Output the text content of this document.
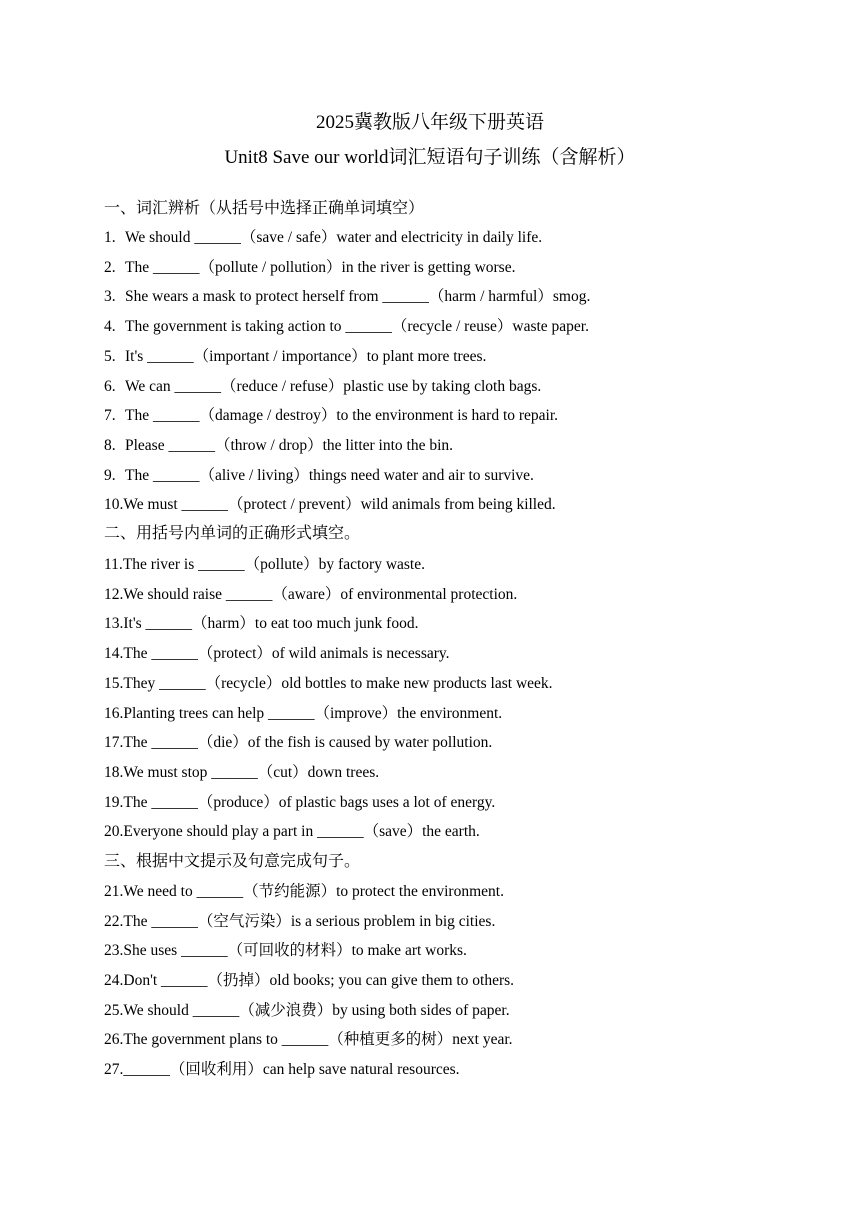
2025冀教版八年级下册英语
Unit8 Save our world词汇短语句子训练（含解析）
一、词汇辨析（从括号中选择正确单词填空）
1. We should ______（save / safe）water and electricity in daily life.
2. The ______（pollute / pollution）in the river is getting worse.
3. She wears a mask to protect herself from ______（harm / harmful）smog.
4. The government is taking action to ______（recycle / reuse）waste paper.
5. It's ______（important / importance）to plant more trees.
6. We can ______（reduce / refuse）plastic use by taking cloth bags.
7. The ______（damage / destroy）to the environment is hard to repair.
8. Please ______（throw / drop）the litter into the bin.
9. The ______（alive / living）things need water and air to survive.
10.We must ______（protect / prevent）wild animals from being killed.
二、用括号内单词的正确形式填空。
11.The river is ______（pollute）by factory waste.
12.We should raise ______（aware）of environmental protection.
13.It's ______（harm）to eat too much junk food.
14.The ______（protect）of wild animals is necessary.
15.They ______（recycle）old bottles to make new products last week.
16.Planting trees can help ______（improve）the environment.
17.The ______（die）of the fish is caused by water pollution.
18.We must stop ______（cut）down trees.
19.The ______（produce）of plastic bags uses a lot of energy.
20.Everyone should play a part in ______（save）the earth.
三、根据中文提示及句意完成句子。
21.We need to ______（节约能源）to protect the environment.
22.The ______（空气污染）is a serious problem in big cities.
23.She uses ______（可回收的材料）to make art works.
24.Don't ______（扔掉）old books; you can give them to others.
25.We should ______（减少浪费）by using both sides of paper.
26.The government plans to ______（种植更多的树）next year.
27.______（回收利用）can help save natural resources.
